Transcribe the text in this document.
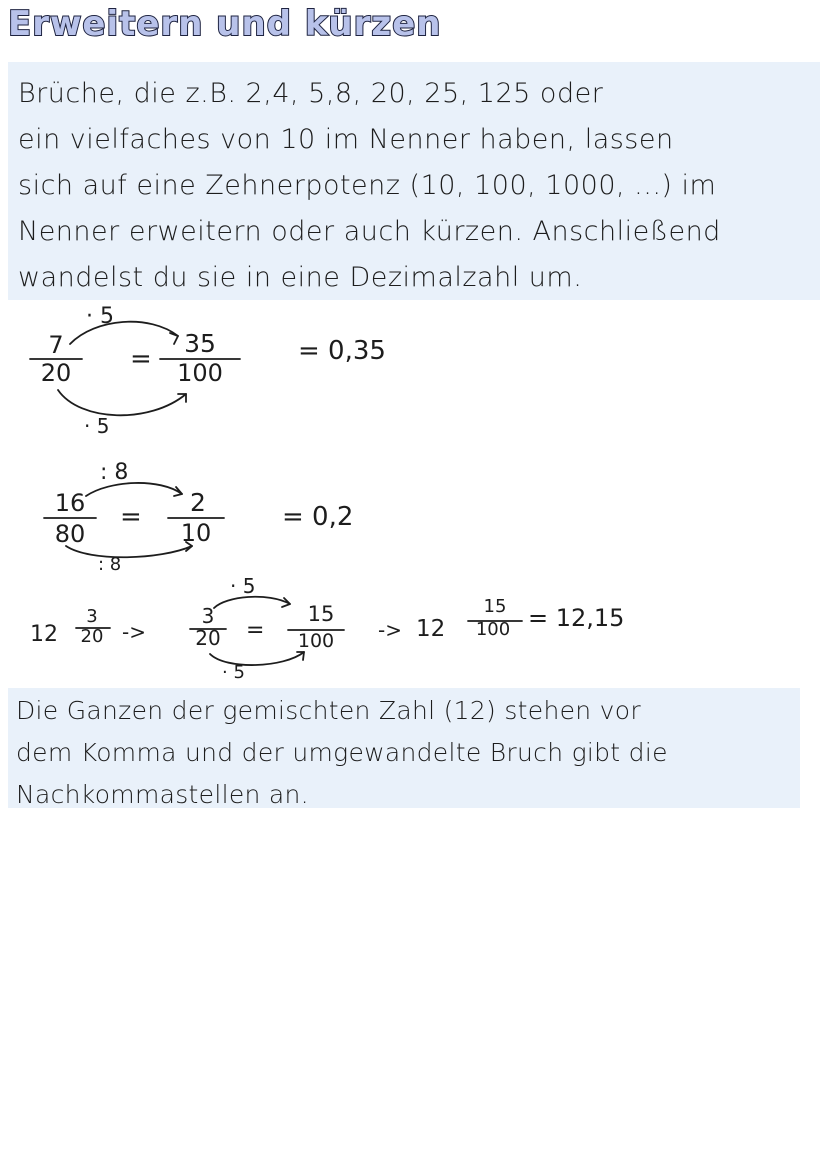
Erweitern und kürzen
Brüche, die z.B. 2,4, 5,8, 20, 25, 125 oder
ein vielfaches von 10 im Nenner haben, lassen
sich auf eine Zehnerpotenz (10, 100, 1000, ...) im
Nenner erweitern oder auch kürzen. Anschließend
wandelst du sie in eine Dezimalzahl um.
· 5
7
20	=
35
100
= 0,35
· 5
: 8
16
80
=	2
10
= 0,2
: 8
12
3
20 ->
· 5
3
20	=
15
100	-> 12
15
100 = 12,15
· 5
Die Ganzen der gemischten Zahl (12) stehen vor
dem Komma und der umgewandelte Bruch gibt die
Nachkommastellen an.
